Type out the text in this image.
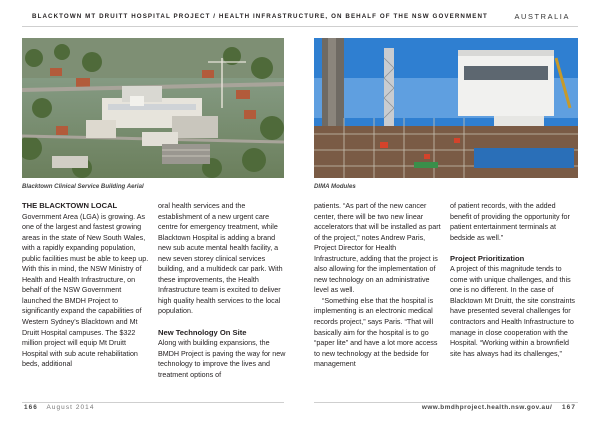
BLACKTOWN MT DRUITT HOSPITAL PROJECT / HEALTH INFRASTRUCTURE, ON BEHALF OF THE NSW GOVERNMENT	AUSTRALIA
Blacktown Clinical Service Building Aerial	DIMA Modules

THE BLACKTOWN LOCAL

Government Area (LGA) is growing. As one of the largest and fastest growing areas in the state of New South Wales, with a rapidly expanding population, public facilities must be able to keep up. With this in mind, the NSW Ministry of Health and Health Infrastructure, on behalf of the NSW Government launched the BMDH Project to significantly expand the capabilities of Western Sydney's Blacktown and Mt Druitt Hospital campuses. The $322 million project will equip Mt Druitt Hospital with sub acute rehabilitation beds, additional

oral health services and the establishment of a new urgent care centre for emergency treatment, while Blacktown Hospital is adding a brand new sub acute mental health facility, a new seven storey clinical services building, and a multideck car park. With these improvements, the Health Infrastructure team is excited to deliver high quality health services to the local population.

New Technology On Site

Along with building expansions, the BMDH Project is paving the way for new technology to improve the lives and treatment options of

patients. “As part of the new cancer center, there will be two new linear accelerators that will be installed as part of the project,” notes Andrew Paris, Project Director for Health Infrastructure, adding that the project is also allowing for the implementation of new technology on an administrative level as well.

“Something else that the hospital is implementing is an electronic medical records project,” says Paris. “That will basically aim for the hospital is to go “paper lite” and have a lot more access to new technology at the bedside for management

of patient records, with the added benefit of providing the opportunity for patient entertainment terminals at bedside as well.”

Project Prioritization

A project of this magnitude tends to come with unique challenges, and this one is no different. In the case of Blacktown Mt Druitt, the site constraints have presented several challenges for contractors and Health Infrastructure to manage in close cooperation with the Hospital. “Working within a brownfield site has always had its challenges,”

166 August 2014	www.bmdhproject.health.nsw.gov.au/ 167
